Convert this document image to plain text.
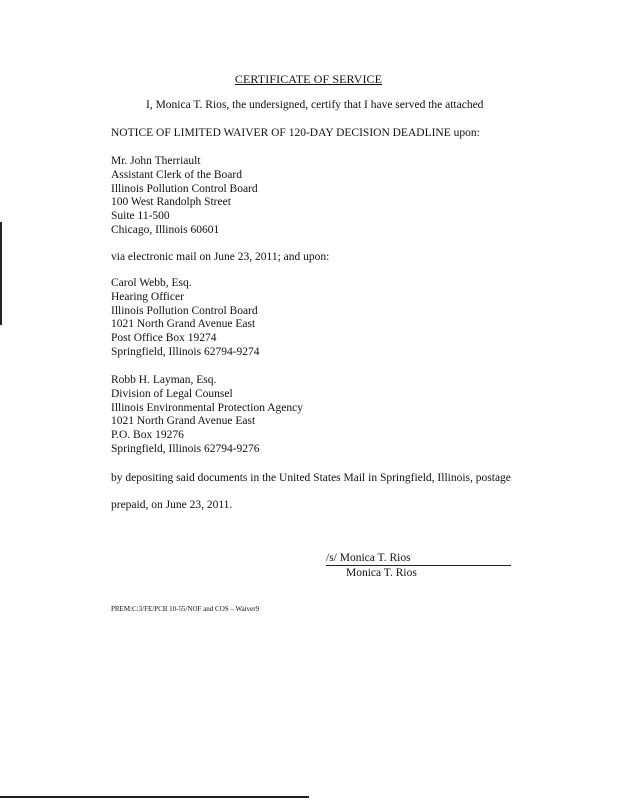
CERTIFICATE OF SERVICE
I, Monica T. Rios, the undersigned, certify that I have served the attached
NOTICE OF LIMITED WAIVER OF 120-DAY DECISION DEADLINE upon:
Mr. John Therriault
Assistant Clerk of the Board
Illinois Pollution Control Board
100 West Randolph Street
Suite 11-500
Chicago, Illinois 60601
via electronic mail on June 23, 2011; and upon:
Carol Webb, Esq.
Hearing Officer
Illinois Pollution Control Board
1021 North Grand Avenue East
Post Office Box 19274
Springfield, Illinois 62794-9274
Robb H. Layman, Esq.
Division of Legal Counsel
Illinois Environmental Protection Agency
1021 North Grand Avenue East
P.O. Box 19276
Springfield, Illinois 62794-9276
by depositing said documents in the United States Mail in Springfield, Illinois, postage
prepaid, on June 23, 2011.
/s/ Monica T. Rios
Monica T. Rios
PREM:C:3/FE/PCB 10-55/NOF and COS – Waiver9
